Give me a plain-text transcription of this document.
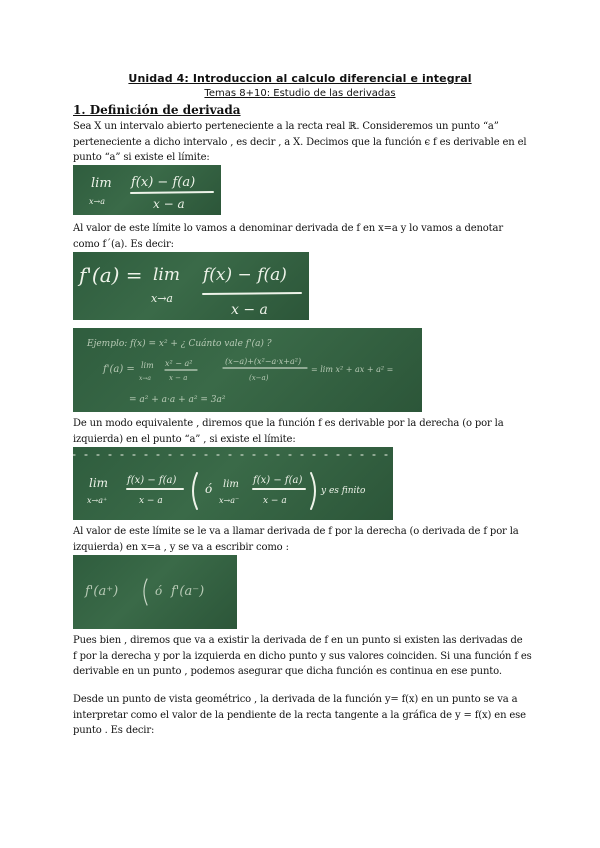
Unidad 4: Introduccion al calculo diferencial e integral
Temas 8+10: Estudio de las derivadas
1. Definición de derivada
Sea X un intervalo abierto perteneciente a la recta real ℝ. Consideremos un punto “a”
perteneciente a dicho intervalo , es decir , a X. Decimos que la función ϵ f es derivable en el
punto “a” si existe el límite:
lim
x→a
f(x) − f(a)
x − a
Al valor de este límite lo vamos a denominar derivada de f en x=a y lo vamos a denotar
como f´(a). Es decir:
f'(a) = lim
x→a
f(x) − f(a)
x − a
Ejemplo: f(x) = x² + ¿ Cuánto vale f'(a) ?
f'(a) = lim
x→a
x² − a²
x − a
(x−a)+(x²−a·x+a²)
(x−a)
= lim x² + ax + a² =
= a² + a·a + a² = 3a²
De un modo equivalente , diremos que la función f es derivable por la derecha (o por la
izquierda) en el punto “a” , si existe el límite:
lim
x→a⁺
f(x) − f(a)
x − a
ó lim
x→a⁻
f(x) − f(a)
x − a
y es finito
Al valor de este límite se le va a llamar derivada de f por la derecha (o derivada de f por la
izquierda) en x=a , y se va a escribir como :
f'(a⁺)	ó f'(a⁻)
Pues bien , diremos que va a existir la derivada de f en un punto si existen las derivadas de
f por la derecha y por la izquierda en dicho punto y sus valores coinciden. Si una función f es
derivable en un punto , podemos asegurar que dicha función es continua en ese punto.
Desde un punto de vista geométrico , la derivada de la función y= f(x) en un punto se va a
interpretar como el valor de la pendiente de la recta tangente a la gráfica de y = f(x) en ese
punto . Es decir:
